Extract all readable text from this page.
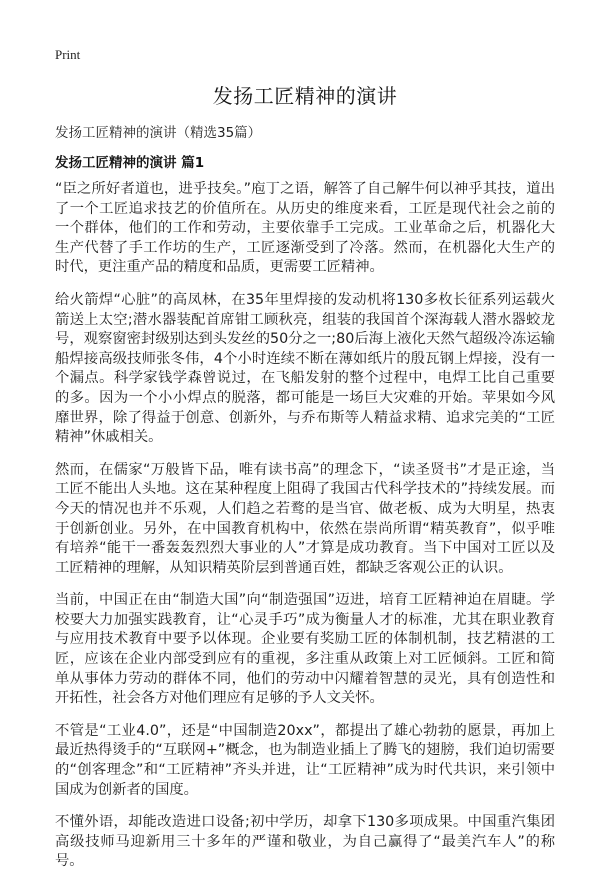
Print
发扬工匠精神的演讲
发扬工匠精神的演讲（精选35篇）
发扬工匠精神的演讲 篇1

“臣之所好者道也，进乎技矣。”庖丁之语，解答了自己解牛何以神乎其技，道出了一个工匠追求技艺的价值所在。从历史的维度来看，工匠是现代社会之前的一个群体，他们的工作和劳动，主要依靠手工完成。工业革命之后，机器化大生产代替了手工作坊的生产，工匠逐渐受到了冷落。然而，在机器化大生产的时代，更注重产品的精度和品质，更需要工匠精神。

给火箭焊“心脏”的高凤林，在35年里焊接的发动机将130多枚长征系列运载火箭送上太空;潜水器装配首席钳工顾秋亮，组装的我国首个深海载人潜水器蛟龙号，观察窗密封级别达到头发丝的50分之一;80后海上液化天然气超级冷冻运输船焊接高级技师张冬伟，4个小时连续不断在薄如纸片的殷瓦钢上焊接，没有一个漏点。科学家钱学森曾说过，在飞船发射的整个过程中，电焊工比自己重要的多。因为一个小小焊点的脱落，都可能是一场巨大灾难的开始。苹果如今风靡世界，除了得益于创意、创新外，与乔布斯等人精益求精、追求完美的“工匠精神”休戚相关。

然而，在儒家“万般皆下品，唯有读书高”的理念下，“读圣贤书”才是正途，当工匠不能出人头地。这在某种程度上阻碍了我国古代科学技术的”持续发展。而今天的情况也并不乐观，人们趋之若鹜的是当官、做老板、成为大明星，热衷于创新创业。另外，在中国教育机构中，依然在崇尚所谓“精英教育”，似乎唯有培养“能干一番轰轰烈烈大事业的人”才算是成功教育。当下中国对工匠以及工匠精神的理解，从知识精英阶层到普通百姓，都缺乏客观公正的认识。

当前，中国正在由“制造大国”向“制造强国”迈进，培育工匠精神迫在眉睫。学校要大力加强实践教育，让“心灵手巧”成为衡量人才的标准，尤其在职业教育与应用技术教育中要予以体现。企业要有奖励工匠的体制机制，技艺精湛的工匠，应该在企业内部受到应有的重视，多注重从政策上对工匠倾斜。工匠和简单从事体力劳动的群体不同，他们的劳动中闪耀着智慧的灵光，具有创造性和开拓性，社会各方对他们理应有足够的予人文关怀。

不管是“工业4.0”，还是“中国制造20xx”，都提出了雄心勃勃的愿景，再加上最近热得烫手的“互联网+”概念，也为制造业插上了腾飞的翅膀，我们迫切需要的“创客理念”和“工匠精神”齐头并进，让“工匠精神”成为时代共识，来引领中国成为创新者的国度。

不懂外语，却能改造进口设备;初中学历，却拿下130多项成果。中国重汽集团高级技师马迎新用三十多年的严谨和敬业，为自己赢得了“最美汽车人”的称号。
